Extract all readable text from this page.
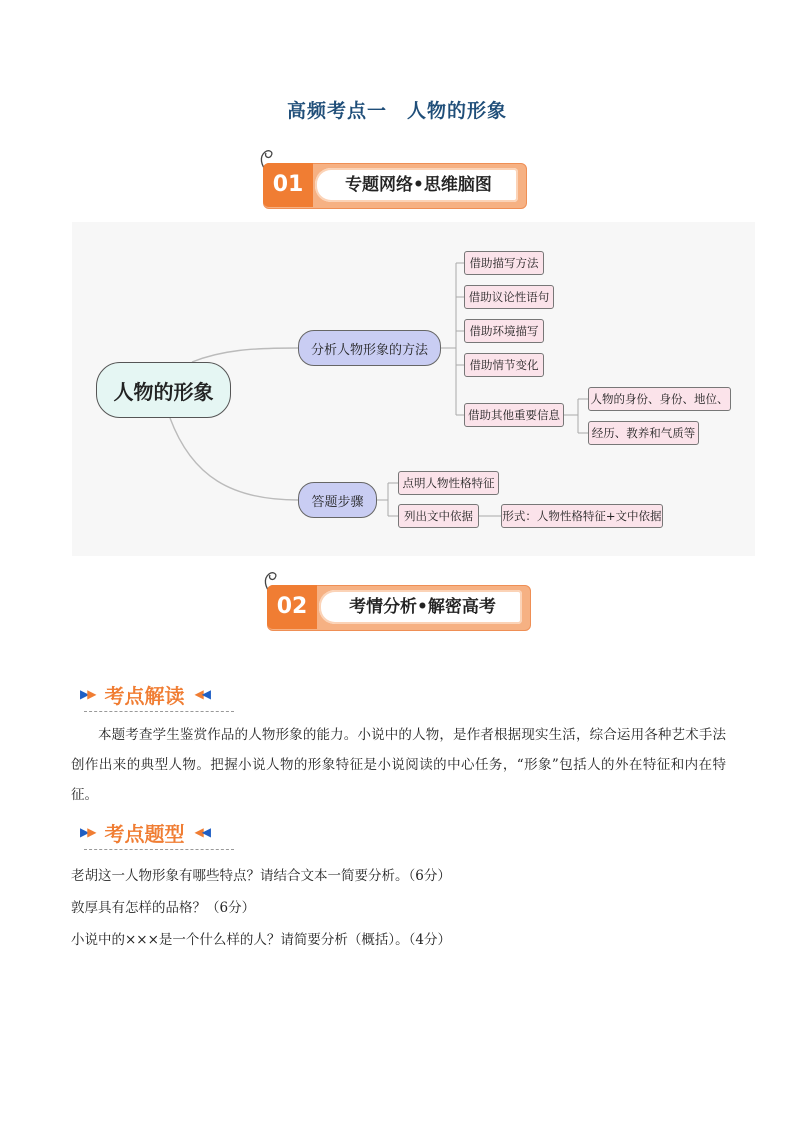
高频考点一　人物的形象
01	专题网络•思维脑图
人物的形象
分析人物形象的方法
借助描写方法
借助议论性语句
借助环境描写
借助情节变化
借助其他重要信息
人物的身份、身份、地位、
经历、教养和气质等
答题步骤
点明人物性格特征
列出文中依据	形式：人物性格特征+文中依据
02	考情分析•解密高考
▶▶ 考点解读 ◀◀
本题考查学生鉴赏作品的人物形象的能力。小说中的人物，是作者根据现实生活，综合运用各种艺术手法创作出来的典型人物。把握小说人物的形象特征是小说阅读的中心任务，“形象”包括人的外在特征和内在特征。
▶▶ 考点题型 ◀◀
老胡这一人物形象有哪些特点？请结合文本一简要分析。（6分）
敦厚具有怎样的品格？（6分）
小说中的×××是一个什么样的人？请简要分析（概括）。（4分）
